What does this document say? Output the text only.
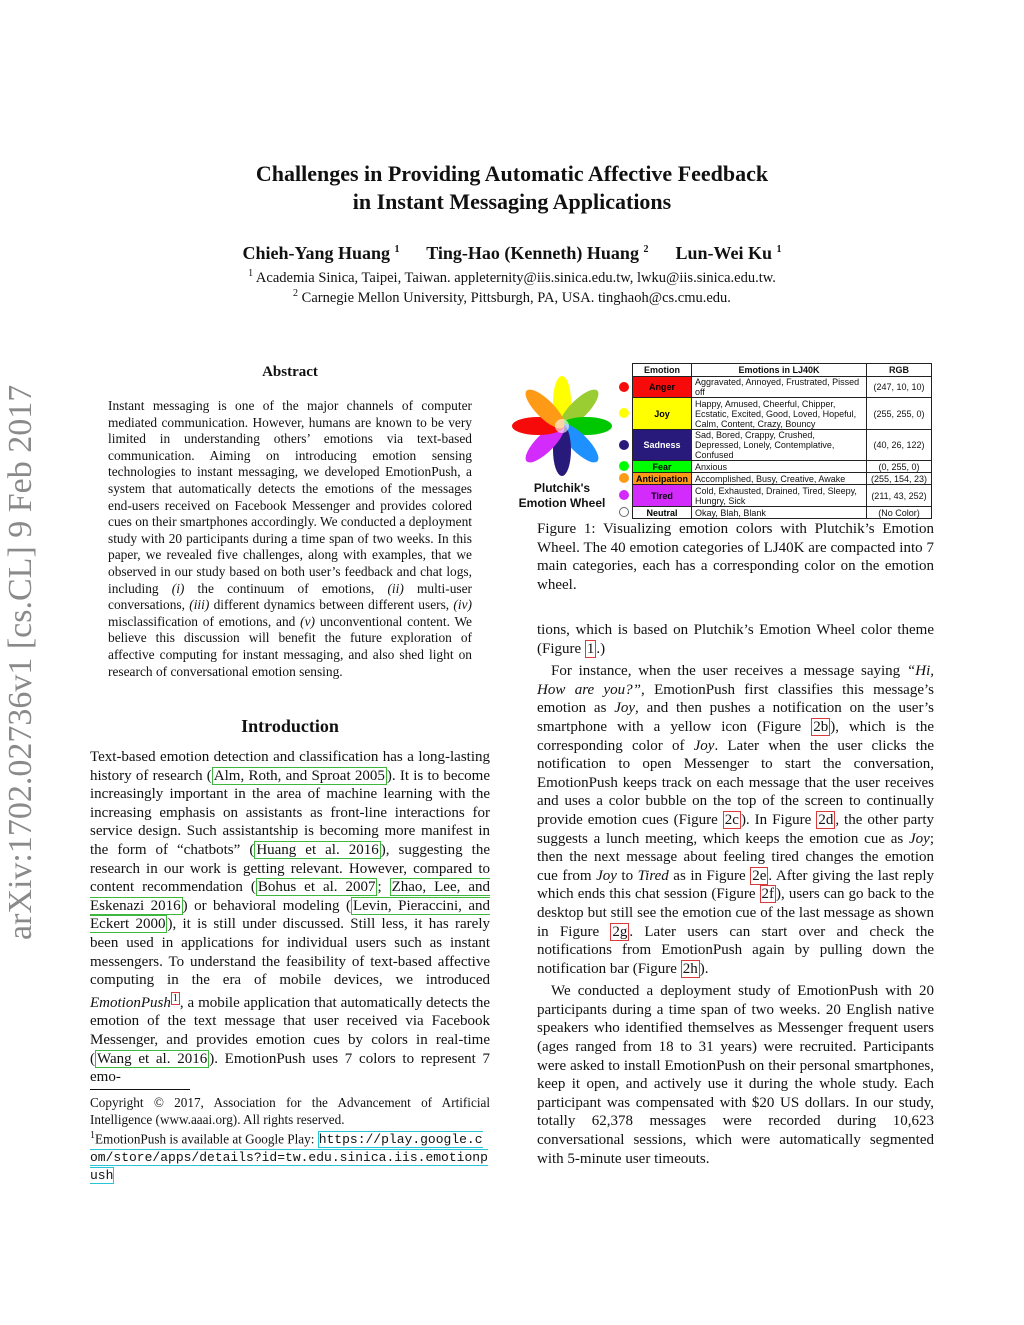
Challenges in Providing Automatic Affective Feedback
in Instant Messaging Applications
Chieh-Yang Huang $^1$ Ting-Hao (Kenneth) Huang $^2$ Lun-Wei Ku $^1$
$^1$ Academia Sinica, Taipei, Taiwan. appleternity@iis.sinica.edu.tw, lwku@iis.sinica.edu.tw.
$^2$ Carnegie Mellon University, Pittsburgh, PA, USA. tinghaoh@cs.cmu.edu.
arXiv:1702.02736v1 [cs.CL] 9 Feb 2017
Abstract
Instant messaging is one of the major channels of computer mediated communication. However, humans are known to be very limited in understanding others’ emotions via text-based communication. Aiming on introducing emotion sensing technologies to instant messaging, we developed EmotionPush, a system that automatically detects the emotions of the messages end-users received on Facebook Messenger and provides colored cues on their smartphones accordingly. We conducted a deployment study with 20 participants during a time span of two weeks. In this paper, we revealed five challenges, along with examples, that we observed in our study based on both user’s feedback and chat logs, including (i) the continuum of emotions, (ii) multi-user conversations, (iii) different dynamics between different users, (iv) misclassification of emotions, and (v) unconventional content. We believe this discussion will benefit the future exploration of affective computing for instant messaging, and also shed light on research of conversational emotion sensing.
Introduction
Text-based emotion detection and classification has a long-lasting history of research ( Alm, Roth, and Sproat 2005 ). It is to become increasingly important in the area of machine learning with the increasing emphasis on assistants as front-line interactions for service design. Such assistantship is becoming more manifest in the form of “chatbots” ( Huang et al. 2016 ), suggesting the research in our work is getting relevant. However, compared to content recommendation ( Bohus et al. 2007 ; Zhao, Lee, and Eskenazi 2016 ) or behavioral modeling ( Levin, Pieraccini, and Eckert 2000 ), it is still under discussed. Still less, it has rarely been used in applications for individual users such as instant messengers. To understand the feasibility of text-based affective computing in the era of mobile devices, we introduced EmotionPush $^1$ , a mobile application that automatically detects the emotion of the text message that user received via Facebook Messenger, and provides emotion cues by colors in real-time ( Wang et al. 2016 ). EmotionPush uses 7 colors to represent 7 emo-
Copyright © 2017, Association for the Advancement of Artificial Intelligence (www.aaai.org). All rights reserved.
$^1$EmotionPush is available at Google Play: https://play.google.com/store/apps/details?id=tw.edu.sinica.iis.emotionpush
Plutchik's
Emotion Wheel
Emotion	Emotions in LJ40K	RGB
Anger	Aggravated, Annoyed, Frustrated, Pissed off	(247, 10, 10)
Joy	Happy, Amused, Cheerful, Chipper, Ecstatic, Excited, Good, Loved, Hopeful, Calm, Content, Crazy, Bouncy	(255, 255, 0)
Sadness	Sad, Bored, Crappy, Crushed, Depressed, Lonely, Contemplative, Confused	(40, 26, 122)
Fear	Anxious	(0, 255, 0)
Anticipation	Accomplished, Busy, Creative, Awake	(255, 154, 23)
Tired	Cold, Exhausted, Drained, Tired, Sleepy, Hungry, Sick	(211, 43, 252)
Neutral	Okay, Blah, Blank	(No Color)
Figure 1: Visualizing emotion colors with Plutchik’s Emotion Wheel. The 40 emotion categories of LJ40K are compacted into 7 main categories, each has a corresponding color on the emotion wheel.
tions, which is based on Plutchik’s Emotion Wheel color theme (Figure 1 .)
For instance, when the user receives a message saying “Hi, How are you?”, EmotionPush first classifies this message’s emotion as Joy, and then pushes a notification on the user’s smartphone with a yellow icon (Figure 2b ), which is the corresponding color of Joy. Later when the user clicks the notification to open Messenger to start the conversation, EmotionPush keeps track on each message that the user receives and uses a color bubble on the top of the screen to continually provide emotion cues (Figure 2c ). In Figure 2d , the other party suggests a lunch meeting, which keeps the emotion cue as Joy; then the next message about feeling tired changes the emotion cue from Joy to Tired as in Figure 2e . After giving the last reply which ends this chat session (Figure 2f ), users can go back to the desktop but still see the emotion cue of the last message as shown in Figure 2g . Later users can start over and check the notifications from EmotionPush again by pulling down the notification bar (Figure 2h ).
We conducted a deployment study of EmotionPush with 20 participants during a time span of two weeks. 20 English native speakers who identified themselves as Messenger frequent users (ages ranged from 18 to 31 years) were recruited. Participants were asked to install EmotionPush on their personal smartphones, keep it open, and actively use it during the whole study. Each participant was compensated with $20 US dollars. In our study, totally 62,378 messages were recorded during 10,623 conversational sessions, which were automatically segmented with 5-minute user timeouts.
